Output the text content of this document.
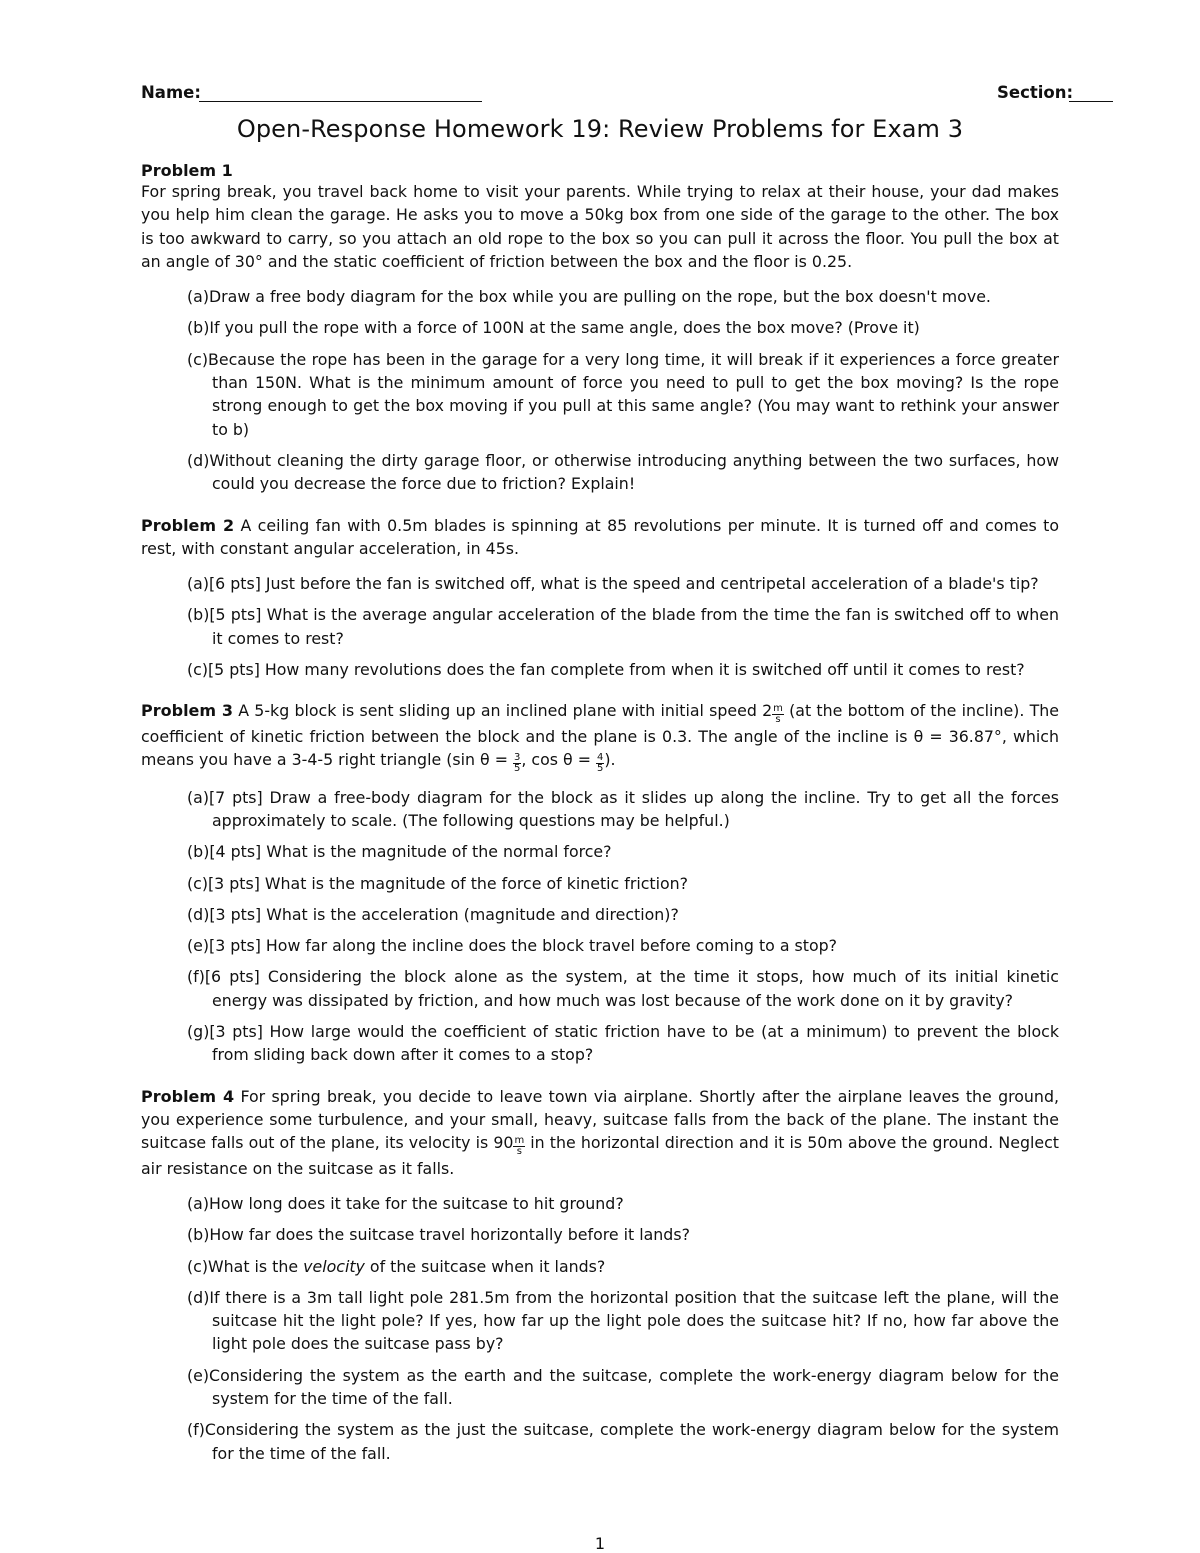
Name:	Section:
Open-Response Homework 19: Review Problems for Exam 3
Problem 1

For spring break, you travel back home to visit your parents. While trying to relax at their house, your dad makes you help him clean the garage. He asks you to move a 50kg box from one side of the garage to the other. The box is too awkward to carry, so you attach an old rope to the box so you can pull it across the floor. You pull the box at an angle of 30° and the static coefficient of friction between the box and the floor is 0.25.

(a)Draw a free body diagram for the box while you are pulling on the rope, but the box doesn't move.
(b)If you pull the rope with a force of 100N at the same angle, does the box move? (Prove it)
(c)Because the rope has been in the garage for a very long time, it will break if it experiences a force greater than 150N. What is the minimum amount of force you need to pull to get the box moving? Is the rope strong enough to get the box moving if you pull at this same angle? (You may want to rethink your answer to b)
(d)Without cleaning the dirty garage floor, or otherwise introducing anything between the two surfaces, how could you decrease the force due to friction? Explain!

Problem 2 A ceiling fan with 0.5m blades is spinning at 85 revolutions per minute. It is turned off and comes to rest, with constant angular acceleration, in 45s.

(a)[6 pts] Just before the fan is switched off, what is the speed and centripetal acceleration of a blade's tip?
(b)[5 pts] What is the average angular acceleration of the blade from the time the fan is switched off to when it comes to rest?
(c)[5 pts] How many revolutions does the fan complete from when it is switched off until it comes to rest?

Problem 3 A 5-kg block is sent sliding up an inclined plane with initial speed $2 \frac{m}{s} (at$ the bottom of the incline). The coefficient of kinetic friction between the block and the plane is 0.3. The angle of the incline is θ = 36.87°, which means you have a 3-4-5 right triangle (sin $\theta = \frac{3}{5}$ , $\cos \theta = \frac{4}{5}$ ).

(a)[7 pts] Draw a free-body diagram for the block as it slides up along the incline. Try to get all the forces approximately to scale. (The following questions may be helpful.)
(b)[4 pts] What is the magnitude of the normal force?
(c)[3 pts] What is the magnitude of the force of kinetic friction?
(d)[3 pts] What is the acceleration (magnitude and direction)?
(e)[3 pts] How far along the incline does the block travel before coming to a stop?
(f)[6 pts] Considering the block alone as the system, at the time it stops, how much of its initial kinetic energy was dissipated by friction, and how much was lost because of the work done on it by gravity?
(g)[3 pts] How large would the coefficient of static friction have to be (at a minimum) to prevent the block from sliding back down after it comes to a stop?

Problem 4 For spring break, you decide to leave town via airplane. Shortly after the airplane leaves the ground, you experience some turbulence, and your small, heavy, suitcase falls from the back of the plane. The instant the suitcase falls out of the plane, its velocity is $90 \frac{m}{s}$ in the horizontal direction and it is 50m above the ground. Neglect air resistance on the suitcase as it falls.

(a)How long does it take for the suitcase to hit ground?
(b)How far does the suitcase travel horizontally before it lands?
(c)What is the velocity of the suitcase when it lands?
(d)If there is a 3m tall light pole 281.5m from the horizontal position that the suitcase left the plane, will the suitcase hit the light pole? If yes, how far up the light pole does the suitcase hit? If no, how far above the light pole does the suitcase pass by?
(e)Considering the system as the earth and the suitcase, complete the work-energy diagram below for the system for the time of the fall.
(f)Considering the system as the just the suitcase, complete the work-energy diagram below for the system for the time of the fall.
1
